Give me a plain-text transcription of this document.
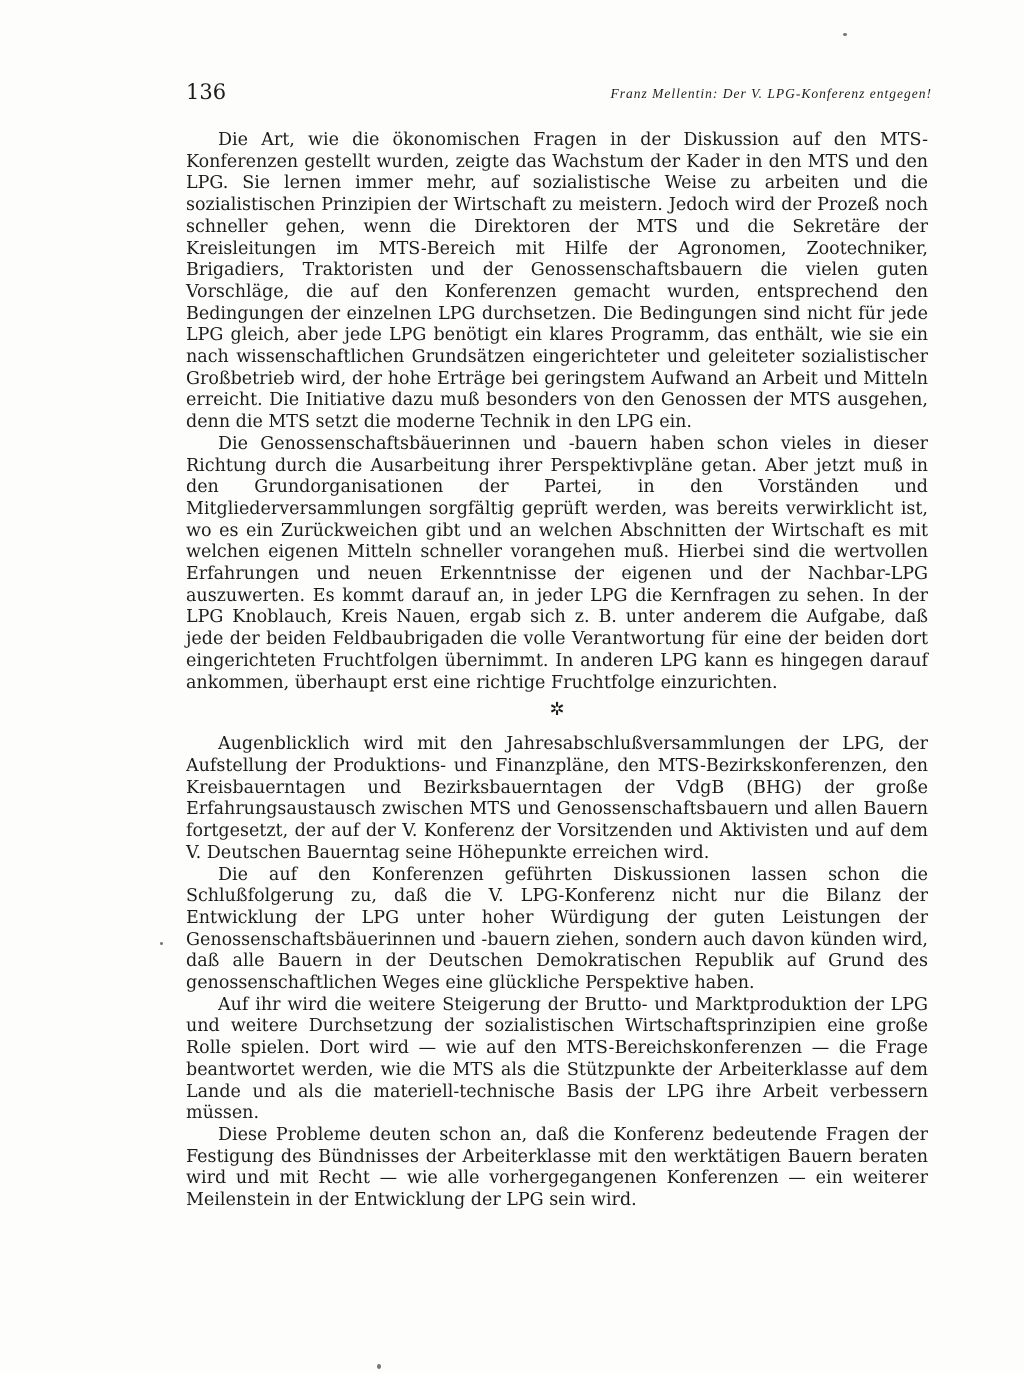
136	Franz Mellentin: Der V. LPG-Konferenz entgegen!

Die Art, wie die ökonomischen Fragen in der Diskussion auf den MTS-Konferenzen gestellt wurden, zeigte das Wachstum der Kader in den MTS und den LPG. Sie lernen immer mehr, auf sozialistische Weise zu arbeiten und die sozialistischen Prinzipien der Wirtschaft zu meistern. Jedoch wird der Prozeß noch schneller gehen, wenn die Direktoren der MTS und die Sekretäre der Kreisleitungen im MTS-Bereich mit Hilfe der Agronomen, Zootechniker, Brigadiers, Traktoristen und der Genossenschaftsbauern die vielen guten Vorschläge, die auf den Konferenzen gemacht wurden, entsprechend den Bedingungen der einzelnen LPG durchsetzen. Die Bedingungen sind nicht für jede LPG gleich, aber jede LPG benötigt ein klares Programm, das enthält, wie sie ein nach wissenschaftlichen Grundsätzen eingerichteter und geleiteter sozialistischer Großbetrieb wird, der hohe Erträge bei geringstem Aufwand an Arbeit und Mitteln erreicht. Die Initiative dazu muß besonders von den Genossen der MTS ausgehen, denn die MTS setzt die moderne Technik in den LPG ein.

Die Genossenschaftsbäuerinnen und -bauern haben schon vieles in dieser Richtung durch die Ausarbeitung ihrer Perspektivpläne getan. Aber jetzt muß in den Grundorganisationen der Partei, in den Vorständen und Mitgliederversammlungen sorgfältig geprüft werden, was bereits verwirklicht ist, wo es ein Zurückweichen gibt und an welchen Abschnitten der Wirtschaft es mit welchen eigenen Mitteln schneller vorangehen muß. Hierbei sind die wertvollen Erfahrungen und neuen Erkenntnisse der eigenen und der Nachbar-LPG auszuwerten. Es kommt darauf an, in jeder LPG die Kernfragen zu sehen. In der LPG Knoblauch, Kreis Nauen, ergab sich z. B. unter anderem die Aufgabe, daß jede der beiden Feldbaubrigaden die volle Verantwortung für eine der beiden dort eingerichteten Fruchtfolgen übernimmt. In anderen LPG kann es hingegen darauf ankommen, überhaupt erst eine richtige Fruchtfolge einzurichten.

✲

Augenblicklich wird mit den Jahresabschlußversammlungen der LPG, der Aufstellung der Produktions- und Finanzpläne, den MTS-Bezirkskonferenzen, den Kreisbauerntagen und Bezirksbauerntagen der VdgB (BHG) der große Erfahrungsaustausch zwischen MTS und Genossenschaftsbauern und allen Bauern fortgesetzt, der auf der V. Konferenz der Vorsitzenden und Aktivisten und auf dem V. Deutschen Bauerntag seine Höhepunkte erreichen wird.

Die auf den Konferenzen geführten Diskussionen lassen schon die Schlußfolgerung zu, daß die V. LPG-Konferenz nicht nur die Bilanz der Entwicklung der LPG unter hoher Würdigung der guten Leistungen der Genossenschaftsbäuerinnen und -bauern ziehen, sondern auch davon künden wird, daß alle Bauern in der Deutschen Demokratischen Republik auf Grund des genossenschaftlichen Weges eine glückliche Perspektive haben.

Auf ihr wird die weitere Steigerung der Brutto- und Marktproduktion der LPG und weitere Durchsetzung der sozialistischen Wirtschaftsprinzipien eine große Rolle spielen. Dort wird — wie auf den MTS-Bereichskonferenzen — die Frage beantwortet werden, wie die MTS als die Stützpunkte der Arbeiterklasse auf dem Lande und als die materiell-technische Basis der LPG ihre Arbeit verbessern müssen.

Diese Probleme deuten schon an, daß die Konferenz bedeutende Fragen der Festigung des Bündnisses der Arbeiterklasse mit den werktätigen Bauern beraten wird und mit Recht — wie alle vorhergegangenen Konferenzen — ein weiterer Meilenstein in der Entwicklung der LPG sein wird.
